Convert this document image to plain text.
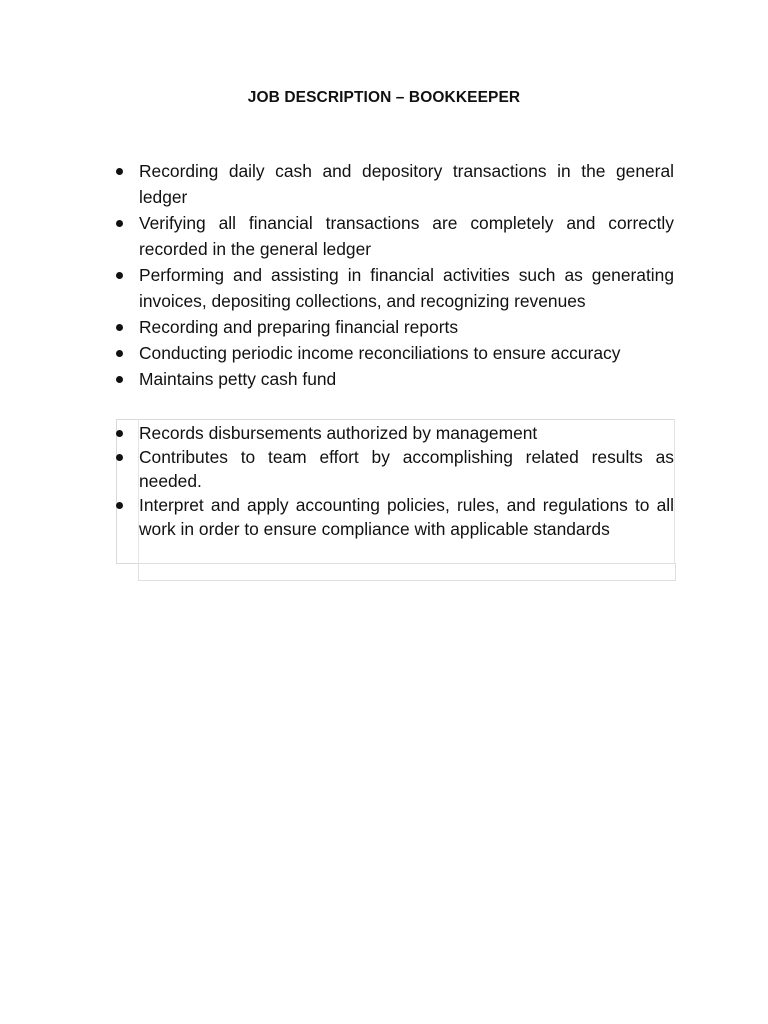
JOB DESCRIPTION – BOOKKEEPER
Recording daily cash and depository transactions in the general ledger
Verifying all financial transactions are completely and correctly recorded in the general ledger
Performing and assisting in financial activities such as generating invoices, depositing collections, and recognizing revenues
Recording and preparing financial reports
Conducting periodic income reconciliations to ensure accuracy
Maintains petty cash fund
Records disbursements authorized by management
Contributes to team effort by accomplishing related results as needed.
Interpret and apply accounting policies, rules, and regulations to all work in order to ensure compliance with applicable standards
